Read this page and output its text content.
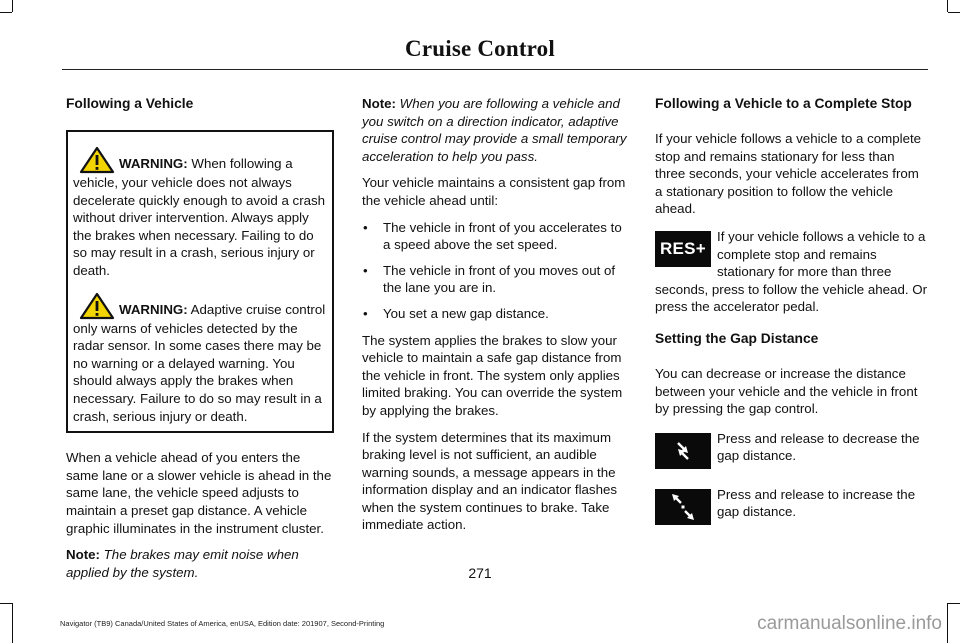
Cruise Control
Following a Vehicle

WARNING: When following a vehicle, your vehicle does not always decelerate quickly enough to avoid a crash without driver intervention. Always apply the brakes when necessary. Failing to do so may result in a crash, serious injury or death.

WARNING: Adaptive cruise control only warns of vehicles detected by the radar sensor. In some cases there may be no warning or a delayed warning. You should always apply the brakes when necessary. Failure to do so may result in a crash, serious injury or death.

When a vehicle ahead of you enters the same lane or a slower vehicle is ahead in the same lane, the vehicle speed adjusts to maintain a preset gap distance. A vehicle graphic illuminates in the instrument cluster.

Note: The brakes may emit noise when applied by the system.

Note: When you are following a vehicle and you switch on a direction indicator, adaptive cruise control may provide a small temporary acceleration to help you pass.

Your vehicle maintains a consistent gap from the vehicle ahead until:

• The vehicle in front of you accelerates to a speed above the set speed.
• The vehicle in front of you moves out of the lane you are in.
• You set a new gap distance.

The system applies the brakes to slow your vehicle to maintain a safe gap distance from the vehicle in front. The system only applies limited braking. You can override the system by applying the brakes.

If the system determines that its maximum braking level is not sufficient, an audible warning sounds, a message appears in the information display and an indicator flashes when the system continues to brake. Take immediate action.

Following a Vehicle to a Complete Stop

If your vehicle follows a vehicle to a complete stop and remains stationary for less than three seconds, your vehicle accelerates from a stationary position to follow the vehicle ahead.

RES+
If your vehicle follows a vehicle to a complete stop and remains stationary for more than three seconds, press to follow the vehicle ahead. Or press the accelerator pedal.
Setting the Gap Distance

You can decrease or increase the distance between your vehicle and the vehicle in front by pressing the gap control.

Press and release to decrease the gap distance.
Press and release to increase the gap distance.
271
Navigator (TB9) Canada/United States of America, enUSA, Edition date: 201907, Second-Printing	carmanualsonline.info
